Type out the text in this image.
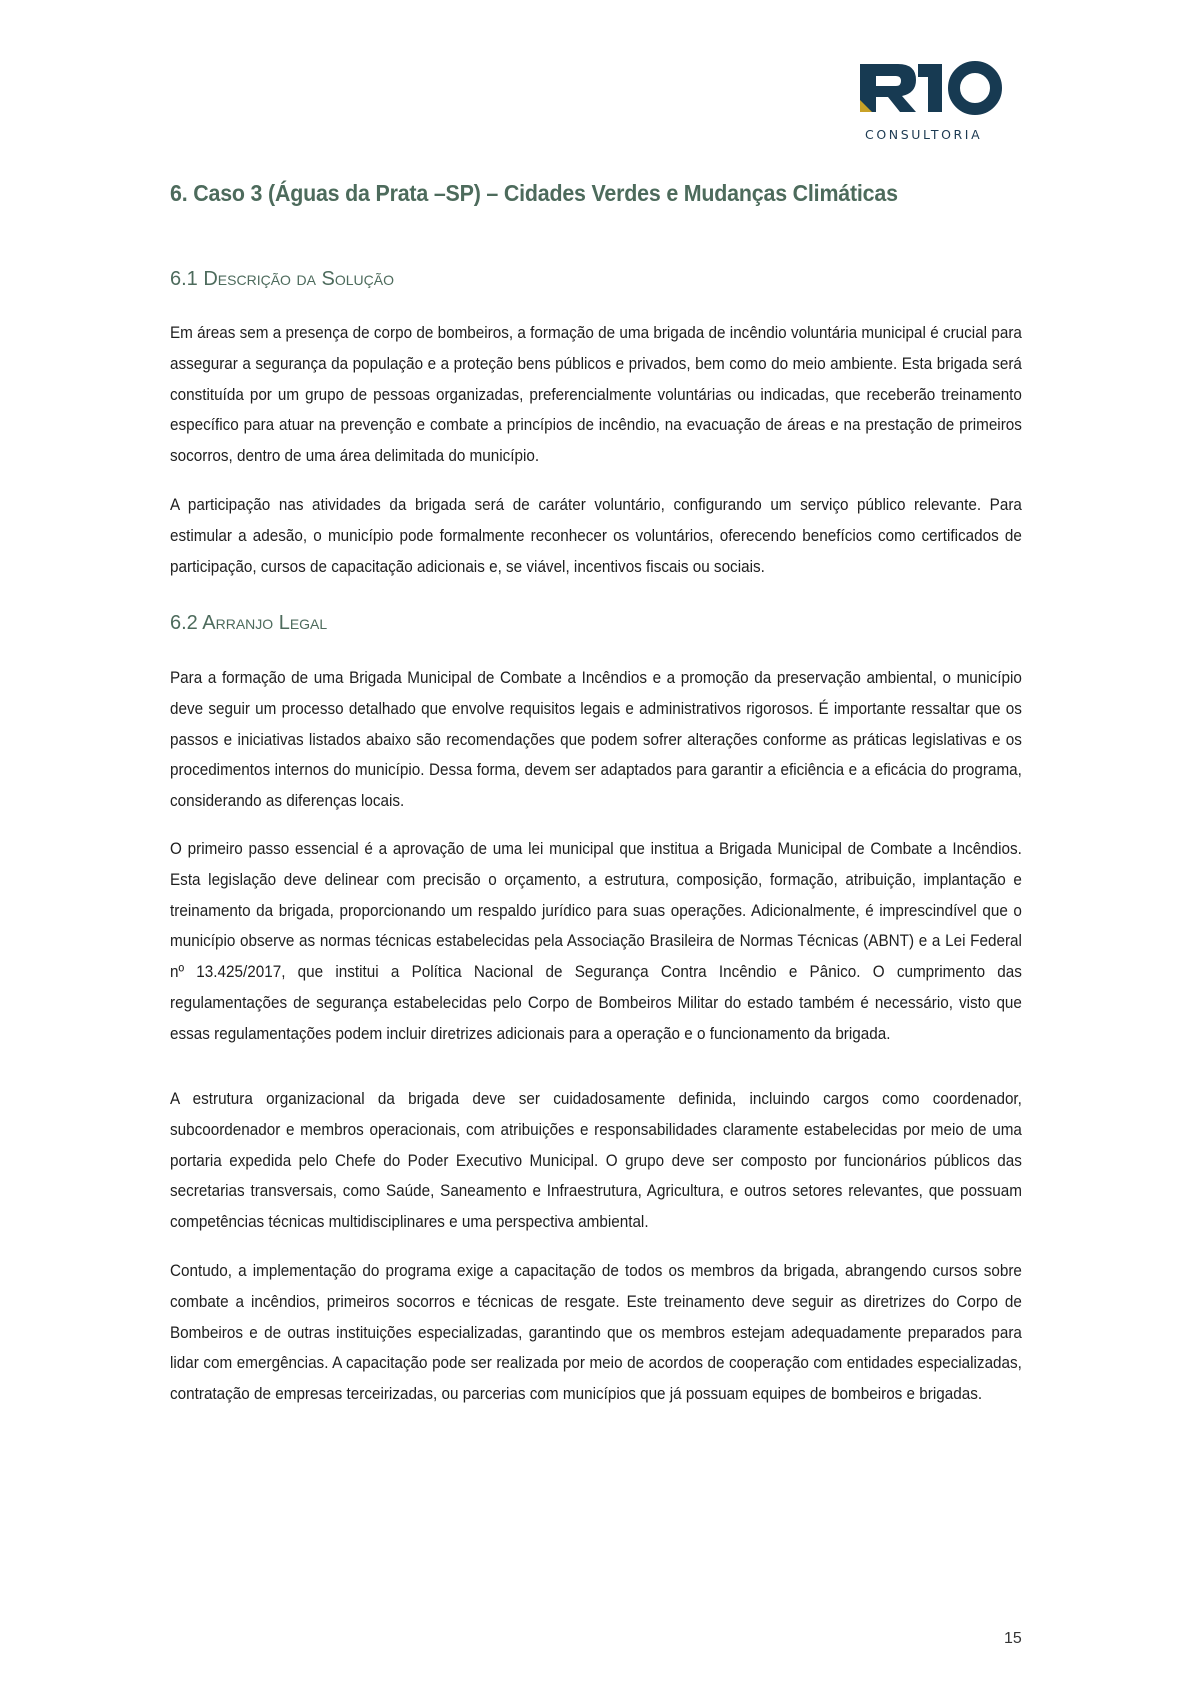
CONSULTORIA
6. Caso 3 (Águas da Prata –SP) – Cidades Verdes e Mudanças Climáticas
6.1 Descrição da Solução

Em áreas sem a presença de corpo de bombeiros, a formação de uma brigada de incêndio voluntária municipal é crucial para assegurar a segurança da população e a proteção bens públicos e privados, bem como do meio ambiente. Esta brigada será constituída por um grupo de pessoas organizadas, preferencialmente voluntárias ou indicadas, que receberão treinamento específico para atuar na prevenção e combate a princípios de incêndio, na evacuação de áreas e na prestação de primeiros socorros, dentro de uma área delimitada do município.

A participação nas atividades da brigada será de caráter voluntário, configurando um serviço público relevante. Para estimular a adesão, o município pode formalmente reconhecer os voluntários, oferecendo benefícios como certificados de participação, cursos de capacitação adicionais e, se viável, incentivos fiscais ou sociais.

6.2 Arranjo Legal

Para a formação de uma Brigada Municipal de Combate a Incêndios e a promoção da preservação ambiental, o município deve seguir um processo detalhado que envolve requisitos legais e administrativos rigorosos. É importante ressaltar que os passos e iniciativas listados abaixo são recomendações que podem sofrer alterações conforme as práticas legislativas e os procedimentos internos do município. Dessa forma, devem ser adaptados para garantir a eficiência e a eficácia do programa, considerando as diferenças locais.

O primeiro passo essencial é a aprovação de uma lei municipal que institua a Brigada Municipal de Combate a Incêndios. Esta legislação deve delinear com precisão o orçamento, a estrutura, composição, formação, atribuição, implantação e treinamento da brigada, proporcionando um respaldo jurídico para suas operações. Adicionalmente, é imprescindível que o município observe as normas técnicas estabelecidas pela Associação Brasileira de Normas Técnicas (ABNT) e a Lei Federal nº 13.425/2017, que institui a Política Nacional de Segurança Contra Incêndio e Pânico. O cumprimento das regulamentações de segurança estabelecidas pelo Corpo de Bombeiros Militar do estado também é necessário, visto que essas regulamentações podem incluir diretrizes adicionais para a operação e o funcionamento da brigada.

A estrutura organizacional da brigada deve ser cuidadosamente definida, incluindo cargos como coordenador, subcoordenador e membros operacionais, com atribuições e responsabilidades claramente estabelecidas por meio de uma portaria expedida pelo Chefe do Poder Executivo Municipal. O grupo deve ser composto por funcionários públicos das secretarias transversais, como Saúde, Saneamento e Infraestrutura, Agricultura, e outros setores relevantes, que possuam competências técnicas multidisciplinares e uma perspectiva ambiental.

Contudo, a implementação do programa exige a capacitação de todos os membros da brigada, abrangendo cursos sobre combate a incêndios, primeiros socorros e técnicas de resgate. Este treinamento deve seguir as diretrizes do Corpo de Bombeiros e de outras instituições especializadas, garantindo que os membros estejam adequadamente preparados para lidar com emergências. A capacitação pode ser realizada por meio de acordos de cooperação com entidades especializadas, contratação de empresas terceirizadas, ou parcerias com municípios que já possuam equipes de bombeiros e brigadas.

15
